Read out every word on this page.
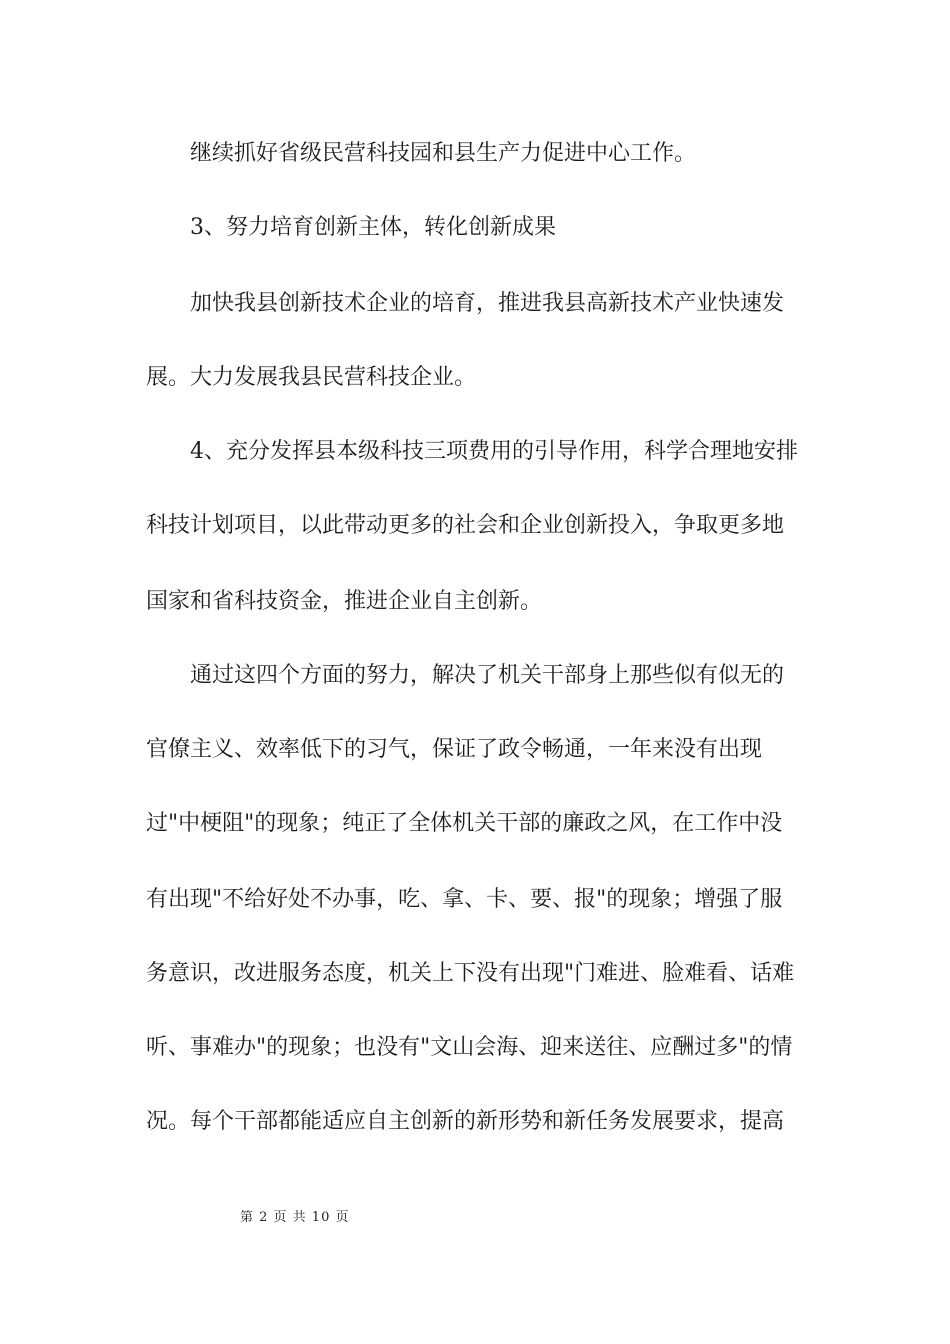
继续抓好省级民营科技园和县生产力促进中心工作。
3、努力培育创新主体，转化创新成果
加快我县创新技术企业的培育，推进我县高新技术产业快速发
展。大力发展我县民营科技企业。
4、充分发挥县本级科技三项费用的引导作用，科学合理地安排
科技计划项目，以此带动更多的社会和企业创新投入，争取更多地
国家和省科技资金，推进企业自主创新。
通过这四个方面的努力，解决了机关干部身上那些似有似无的
官僚主义、效率低下的习气，保证了政令畅通，一年来没有出现
过"中梗阻"的现象；纯正了全体机关干部的廉政之风，在工作中没
有出现"不给好处不办事，吃、拿、卡、要、报"的现象；增强了服
务意识，改进服务态度，机关上下没有出现"门难进、脸难看、话难
听、事难办"的现象；也没有"文山会海、迎来送往、应酬过多"的情
况。每个干部都能适应自主创新的新形势和新任务发展要求，提高
第 2 页 共 10 页
